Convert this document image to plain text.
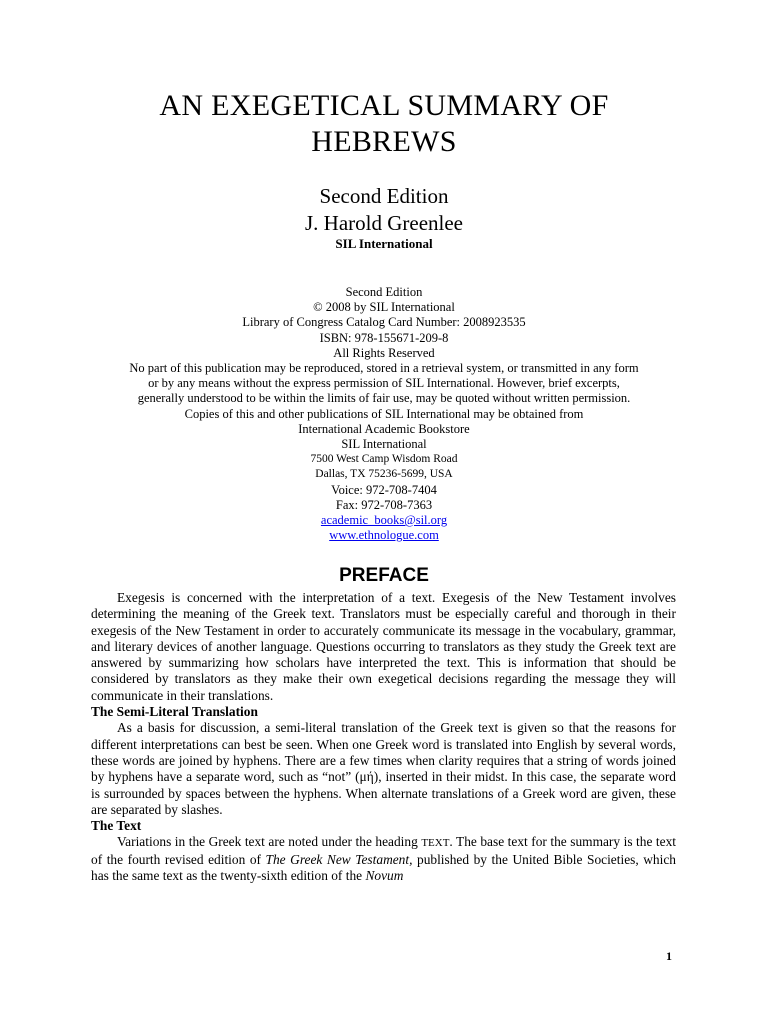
AN EXEGETICAL SUMMARY OF
HEBREWS
Second Edition
J. Harold Greenlee
SIL International
Second Edition
© 2008 by SIL International
Library of Congress Catalog Card Number: 2008923535
ISBN: 978-155671-209-8
All Rights Reserved
No part of this publication may be reproduced, stored in a retrieval system, or transmitted in any form
or by any means without the express permission of SIL International. However, brief excerpts,
generally understood to be within the limits of fair use, may be quoted without written permission.
Copies of this and other publications of SIL International may be obtained from
International Academic Bookstore
SIL International
7500 West Camp Wisdom Road
Dallas, TX 75236-5699, USA
Voice: 972-708-7404
Fax: 972-708-7363
academic_books@sil.org
www.ethnologue.com
PREFACE

Exegesis is concerned with the interpretation of a text. Exegesis of the New Testament involves determining the meaning of the Greek text. Translators must be especially careful and thorough in their exegesis of the New Testament in order to accurately communicate its message in the vocabulary, grammar, and literary devices of another language. Questions occurring to translators as they study the Greek text are answered by summarizing how scholars have interpreted the text. This is information that should be considered by translators as they make their own exegetical decisions regarding the message they will communicate in their translations.

The Semi-Literal Translation

As a basis for discussion, a semi-literal translation of the Greek text is given so that the reasons for different interpretations can best be seen. When one Greek word is translated into English by several words, these words are joined by hyphens. There are a few times when clarity requires that a string of words joined by hyphens have a separate word, such as “not” (μή), inserted in their midst. In this case, the separate word is surrounded by spaces between the hyphens. When alternate translations of a Greek word are given, these are separated by slashes.

The Text

Variations in the Greek text are noted under the heading TEXT. The base text for the summary is the text of the fourth revised edition of The Greek New Testament, published by the United Bible Societies, which has the same text as the twenty-sixth edition of the Novum

1
